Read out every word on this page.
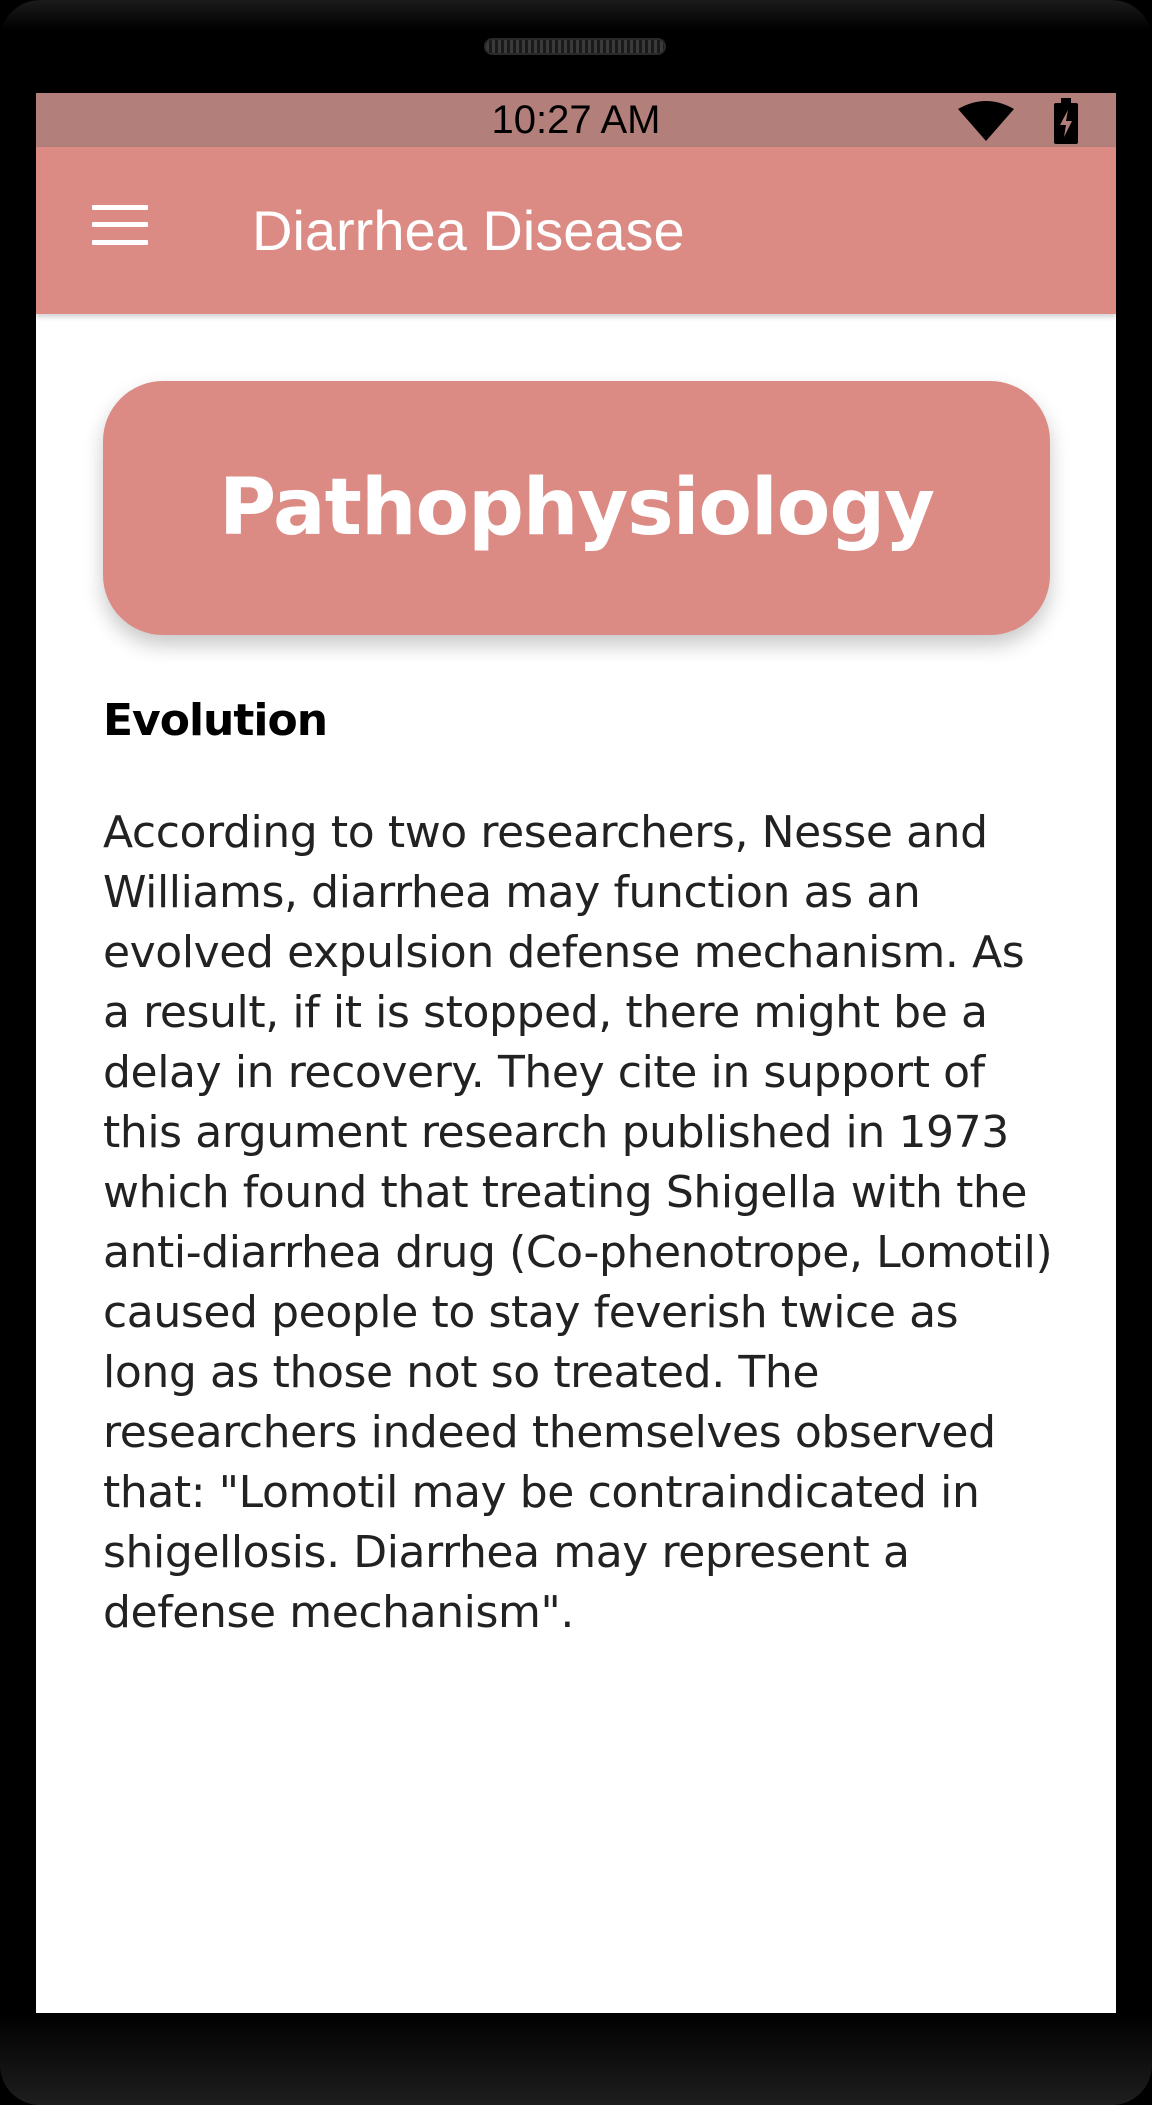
10:27 AM
Diarrhea Disease
Pathophysiology
Evolution

According to two researchers, Nesse and Williams, diarrhea may function as an evolved expulsion defense mechanism. As a result, if it is stopped, there might be a delay in recovery. They cite in support of this argument research published in 1973 which found that treating Shigella with the anti-diarrhea drug (Co-phenotrope, Lomotil) caused people to stay feverish twice as long as those not so treated. The researchers indeed themselves observed that: "Lomotil may be contraindicated in shigellosis. Diarrhea may represent a defense mechanism".
